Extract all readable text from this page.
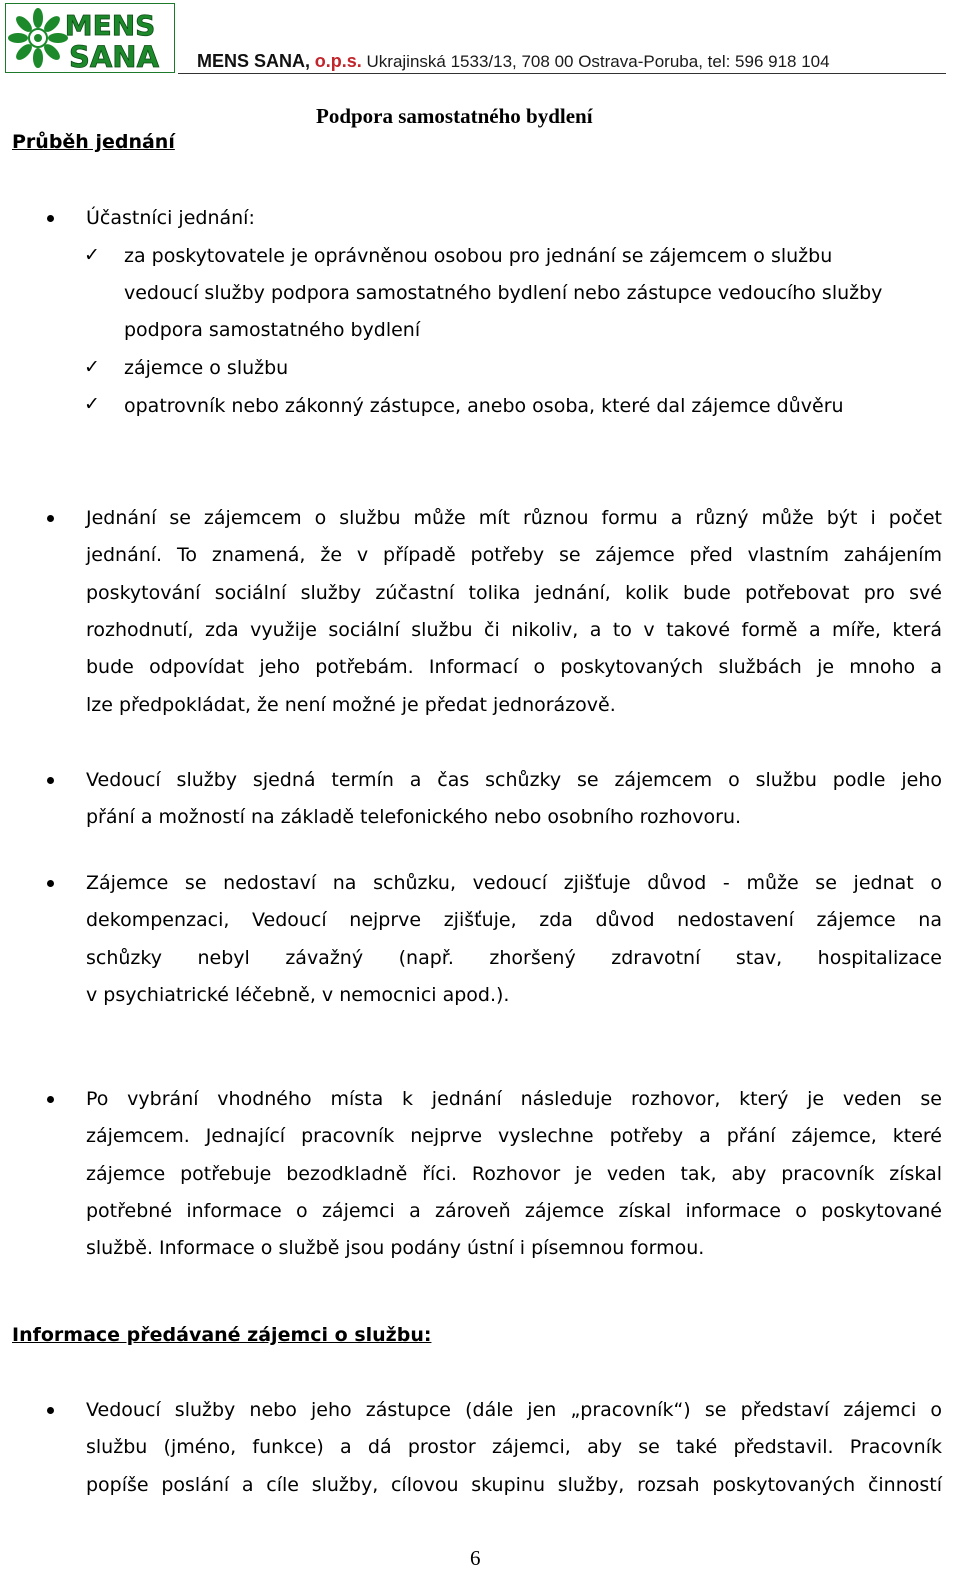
MENS
SANA MENS SANA, o.p.s. Ukrajinská 1533/13, 708 00 Ostrava-Poruba, tel: 596 918 104
Průběh jednání
Podpora samostatného bydlení
Účastníci jednání:
✓ za poskytovatele je oprávněnou osobou pro jednání se zájemcem o službu
vedoucí služby podpora samostatného bydlení nebo zástupce vedoucího služby
podpora samostatného bydlení
✓ zájemce o službu
✓ opatrovník nebo zákonný zástupce, anebo osoba, které dal zájemce důvěru
Jednání se zájemcem o službu může mít různou formu a různý může být i počet
jednání. To znamená, že v případě potřeby se zájemce před vlastním zahájením
poskytování sociální služby zúčastní tolika jednání, kolik bude potřebovat pro své
rozhodnutí, zda využije sociální službu či nikoliv, a to v takové formě a míře, která
bude odpovídat jeho potřebám. Informací o poskytovaných službách je mnoho a
lze předpokládat, že není možné je předat jednorázově.
Vedoucí služby sjedná termín a čas schůzky se zájemcem o službu podle jeho
přání a možností na základě telefonického nebo osobního rozhovoru.
Zájemce se nedostaví na schůzku, vedoucí zjišťuje důvod - může se jednat o
dekompenzaci, Vedoucí nejprve zjišťuje, zda důvod nedostavení zájemce na
schůzky nebyl závažný (např. zhoršený zdravotní stav, hospitalizace
v psychiatrické léčebně, v nemocnici apod.).
Po vybrání vhodného místa k jednání následuje rozhovor, který je veden se
zájemcem. Jednající pracovník nejprve vyslechne potřeby a přání zájemce, které
zájemce potřebuje bezodkladně říci. Rozhovor je veden tak, aby pracovník získal
potřebné informace o zájemci a zároveň zájemce získal informace o poskytované
službě. Informace o službě jsou podány ústní i písemnou formou.
Informace předávané zájemci o službu:
Vedoucí služby nebo jeho zástupce (dále jen „pracovník“) se představí zájemci o
službu (jméno, funkce) a dá prostor zájemci, aby se také představil. Pracovník
popíše poslání a cíle služby, cílovou skupinu služby, rozsah poskytovaných činností
6
